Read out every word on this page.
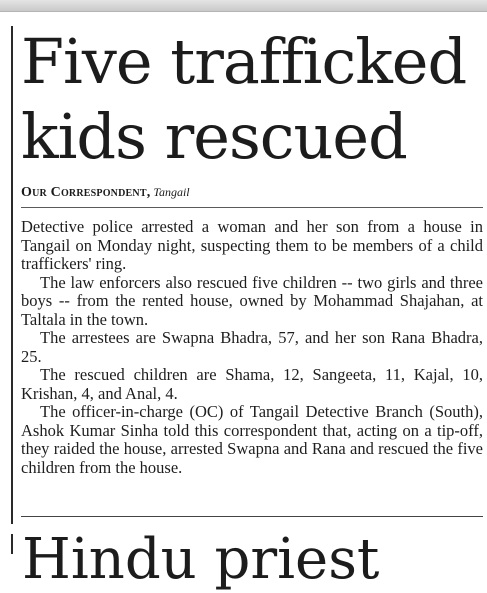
Five trafficked kids rescued
Our Correspondent, Tangail

Detective police arrested a woman and her son from a house in Tangail on Monday night, suspecting them to be members of a child traffickers' ring.

The law enforcers also rescued five children -- two girls and three boys -- from the rented house, owned by Mohammad Shajahan, at Taltala in the town.

The arrestees are Swapna Bhadra, 57, and her son Rana Bhadra, 25.

The rescued children are Shama, 12, Sangeeta, 11, Kajal, 10, Krishan, 4, and Anal, 4.

The officer-in-charge (OC) of Tangail Detective Branch (South), Ashok Kumar Sinha told this correspondent that, acting on a tip-off, they raided the house, arrested Swapna and Rana and rescued the five children from the house.

Hindu priest
